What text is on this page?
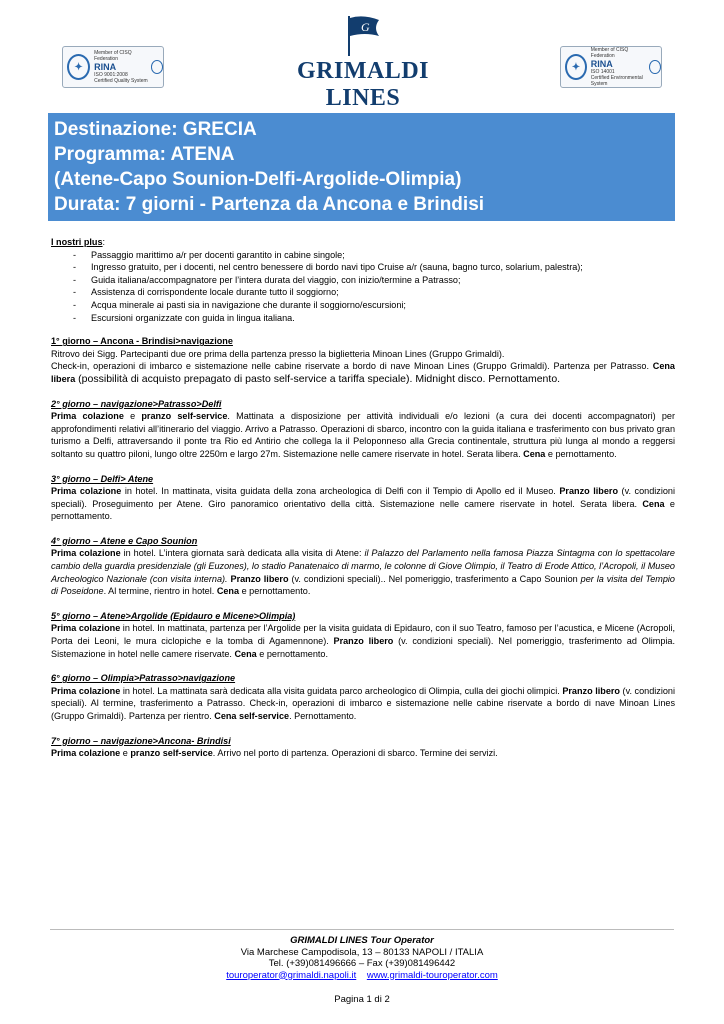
✦
Member of CISQ Federation
RINA
ISO 9001:2008
Certified Quality System
G
GRIMALDI LINES
✦
Member of CISQ Federation
RINA
ISO 14001
Certified Environmental System
Destinazione: GRECIA
Programma: ATENA
(Atene-Capo Sounion-Delfi-Argolide-Olimpia)
Durata: 7 giorni - Partenza da Ancona e Brindisi
I nostri plus:
- Passaggio marittimo a/r per docenti garantito in cabine singole;
- Ingresso gratuito, per i docenti, nel centro benessere di bordo navi tipo Cruise a/r (sauna, bagno turco, solarium, palestra);
- Guida italiana/accompagnatore per l’intera durata del viaggio, con inizio/termine a Patrasso;
- Assistenza di corrispondente locale durante tutto il soggiorno;
- Acqua minerale ai pasti sia in navigazione che durante il soggiorno/escursioni;
- Escursioni organizzate con guida in lingua italiana.
1° giorno – Ancona - Brindisi>navigazione
Ritrovo dei Sigg. Partecipanti due ore prima della partenza presso la biglietteria Minoan Lines (Gruppo Grimaldi).
Check-in, operazioni di imbarco e sistemazione nelle cabine riservate a bordo di nave Minoan Lines (Gruppo Grimaldi). Partenza per Patrasso. Cena libera (possibilità di acquisto prepagato di pasto self-service a tariffa speciale). Midnight disco. Pernottamento.
2° giorno – navigazione>Patrasso>Delfi
Prima colazione e pranzo self-service. Mattinata a disposizione per attività individuali e/o lezioni (a cura dei docenti accompagnatori) per approfondimenti relativi all’itinerario del viaggio. Arrivo a Patrasso. Operazioni di sbarco, incontro con la guida italiana e trasferimento con bus privato gran turismo a Delfi, attraversando il ponte tra Rio ed Antirio che collega la il Peloponneso alla Grecia continentale, struttura più lunga al mondo a reggersi soltanto su quattro piloni, lungo oltre 2250m e largo 27m. Sistemazione nelle camere riservate in hotel. Serata libera. Cena e pernottamento.
3° giorno – Delfi> Atene
Prima colazione in hotel. In mattinata, visita guidata della zona archeologica di Delfi con il Tempio di Apollo ed il Museo. Pranzo libero (v. condizioni speciali). Proseguimento per Atene. Giro panoramico orientativo della città. Sistemazione nelle camere riservate in hotel. Serata libera. Cena e pernottamento.
4° giorno – Atene e Capo Sounion
Prima colazione in hotel. L’intera giornata sarà dedicata alla visita di Atene: il Palazzo del Parlamento nella famosa Piazza Sintagma con lo spettacolare cambio della guardia presidenziale (gli Euzones), lo stadio Panatenaico di marmo, le colonne di Giove Olimpio, il Teatro di Erode Attico, l’Acropoli, il Museo Archeologico Nazionale (con visita interna). Pranzo libero (v. condizioni speciali).. Nel pomeriggio, trasferimento a Capo Sounion per la visita del Tempio di Poseidone. Al termine, rientro in hotel. Cena e pernottamento.
5° giorno – Atene>Argolide (Epidauro e Micene>Olimpia)
Prima colazione in hotel. In mattinata, partenza per l’Argolide per la visita guidata di Epidauro, con il suo Teatro, famoso per l’acustica, e Micene (Acropoli, Porta dei Leoni, le mura ciclopiche e la tomba di Agamennone). Pranzo libero (v. condizioni speciali). Nel pomeriggio, trasferimento ad Olimpia. Sistemazione in hotel nelle camere riservate. Cena e pernottamento.
6° giorno – Olimpia>Patrasso>navigazione
Prima colazione in hotel. La mattinata sarà dedicata alla visita guidata parco archeologico di Olimpia, culla dei giochi olimpici. Pranzo libero (v. condizioni speciali). Al termine, trasferimento a Patrasso. Check-in, operazioni di imbarco e sistemazione nelle cabine riservate a bordo di nave Minoan Lines (Gruppo Grimaldi). Partenza per rientro. Cena self-service. Pernottamento.
7° giorno – navigazione>Ancona- Brindisi
Prima colazione e pranzo self-service. Arrivo nel porto di partenza. Operazioni di sbarco. Termine dei servizi.
GRIMALDI LINES Tour Operator
Via Marchese Campodisola, 13 – 80133 NAPOLI / ITALIA
Tel. (+39)081496666 – Fax (+39)081496442
touroperator@grimaldi.napoli.it www.grimaldi-touroperator.com
Pagina 1 di 2
